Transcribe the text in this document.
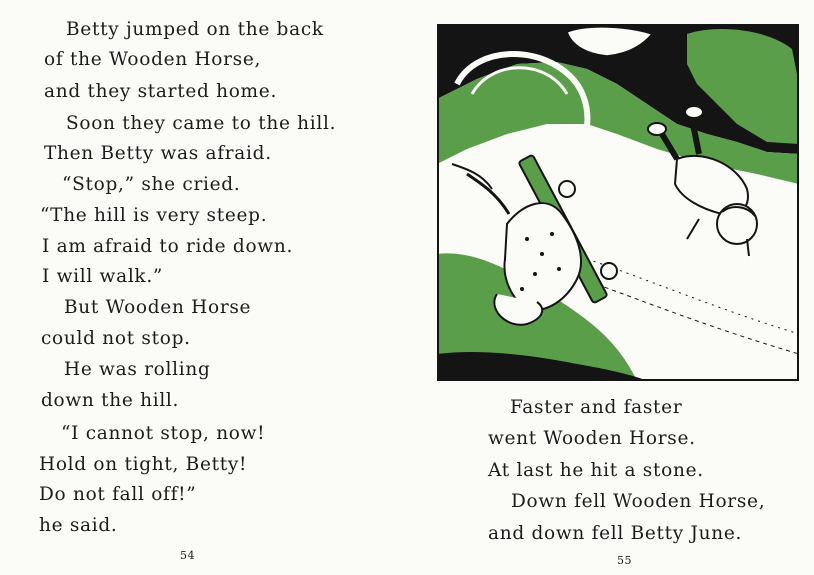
Betty jumped on the back
of the Wooden Horse,
and they started home.
Soon they came to the hill.
Then Betty was afraid.
“Stop,” she cried.
“The hill is very steep.
I am afraid to ride down.
I will walk.”
But Wooden Horse
could not stop.
He was rolling
down the hill.
“I cannot stop, now!
Hold on tight, Betty!
Do not fall off!”
he said.
54
Faster and faster
went Wooden Horse.
At last he hit a stone.
Down fell Wooden Horse,
and down fell Betty June.
55
